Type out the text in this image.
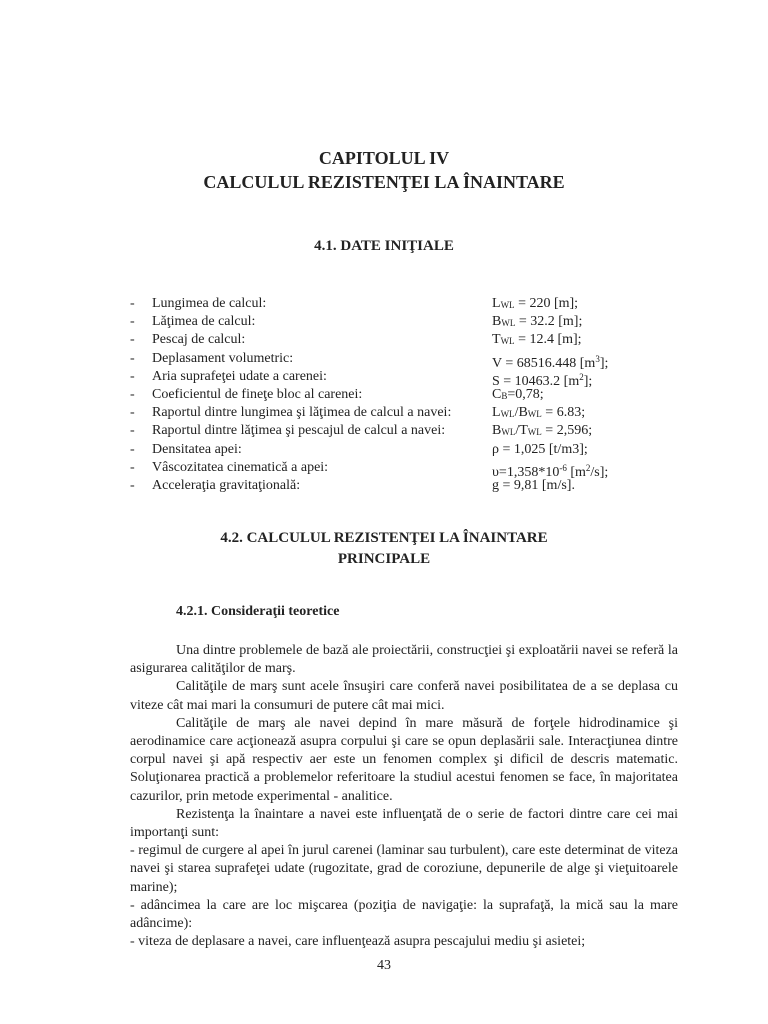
CAPITOLUL IV
CALCULUL REZISTENŢEI LA ÎNAINTARE
4.1. DATE INIŢIALE
-	Lungimea de calcul:	LWL = 220 [m];
-	Lăţimea de calcul:	BWL = 32.2 [m];
-	Pescaj de calcul:	TWL = 12.4 [m];
-	Deplasament volumetric:	V = 68516.448 $[m^3]$;
-	Aria suprafeţei udate a carenei:	S = 10463.2 $[m^2]$;
-	Coeficientul de fineţe bloc al carenei:	CB=0,78;
-	Raportul dintre lungimea şi lăţimea de calcul a navei:	LWL/BWL = 6.83;
-	Raportul dintre lăţimea şi pescajul de calcul a navei:	BWL/TWL = 2,596;
-	Densitatea apei:	ρ = 1,025 [t/m3];
-	Vâscozitatea cinematică a apei:	$\upsilon=1,358*10^{-6}$ $[m^2/s]$;
-	Acceleraţia gravitaţională:	g = 9,81 [m/s].
4.2. CALCULUL REZISTENŢEI LA ÎNAINTARE
PRINCIPALE
4.2.1. Consideraţii teoretice

Una dintre problemele de bază ale proiectării, construcţiei şi exploatării navei se referă la asigurarea calităţilor de marş.

Calităţile de marş sunt acele însuşiri care conferă navei posibilitatea de a se deplasa cu viteze cât mai mari la consumuri de putere cât mai mici.

Calităţile de marş ale navei depind în mare măsură de forţele hidrodinamice şi aerodinamice care acţionează asupra corpului şi care se opun deplasării sale. Interacţiunea dintre corpul navei şi apă respectiv aer este un fenomen complex şi dificil de descris matematic. Soluţionarea practică a problemelor referitoare la studiul acestui fenomen se face, în majoritatea cazurilor, prin metode experimental - analitice.

Rezistenţa la înaintare a navei este influenţată de o serie de factori dintre care cei mai importanţi sunt:

- regimul de curgere al apei în jurul carenei (laminar sau turbulent), care este determinat de viteza navei şi starea suprafeţei udate (rugozitate, grad de coroziune, depunerile de alge şi vieţuitoarele marine);

- adâncimea la care are loc mişcarea (poziţia de navigaţie: la suprafaţă, la mică sau la mare adâncime):

- viteza de deplasare a navei, care influenţează asupra pescajului mediu şi asietei;

43
